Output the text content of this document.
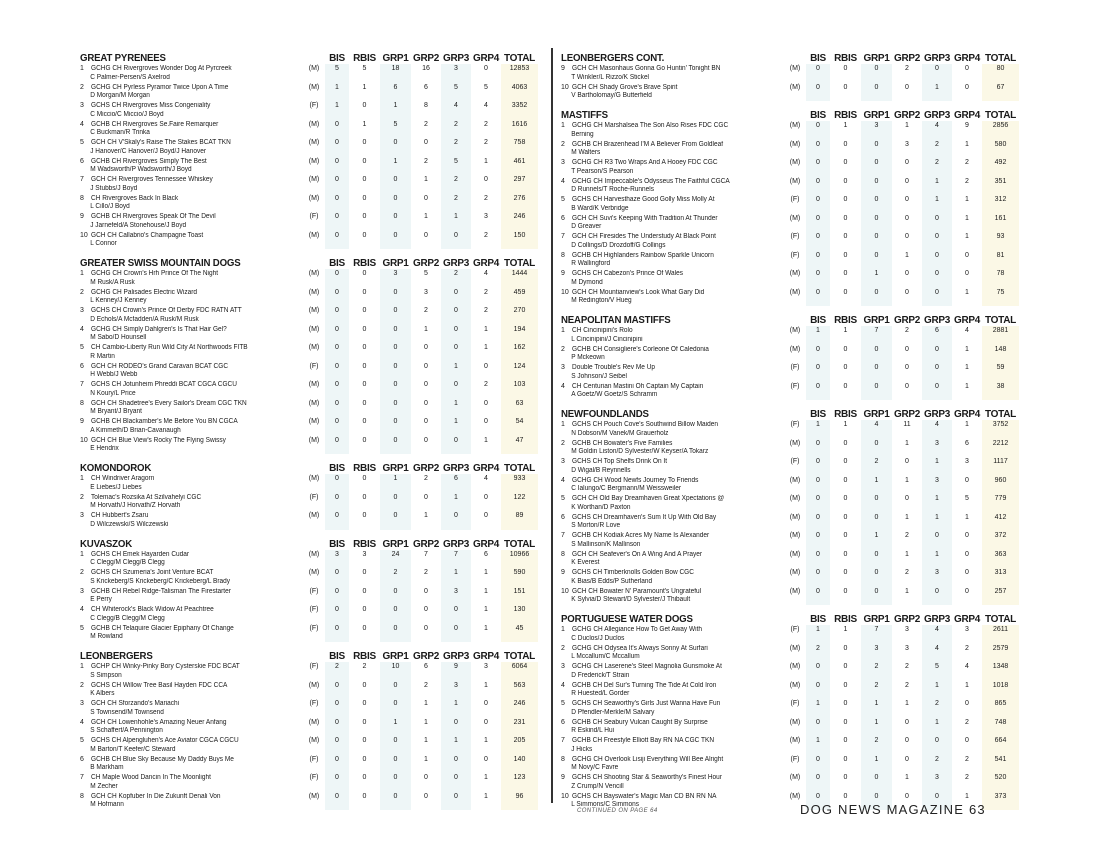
GREAT PYRENEES	BIS RBIS GRP1 GRP2 GRP3 GRP4 TOTAL
1	GCHG CH Rivergroves Wonder Dog At Pyrcreek	(M)	5	5	18	16	3	0	12853
C Palmer-Persen/S Axelrod
2	GCHG CH Pyrless Pyramor Twice Upon A Time	(M)	1	1	6	6	5	5	4063
D Morgan/M Morgan
3	GCHS CH Rivergroves Miss Congeniality	(F)	1	0	1	8	4	4	3352
C Miccio/C Miccio/J Boyd
4	GCHB CH Rivergroves Se.Faire Remarquer	(M)	0	1	5	2	2	2	1616
C Buckman/R Trinka
5	GCH CH V'Skaly's Raise The Stakes BCAT TKN	(M)	0	0	0	0	2	2	758
J Hanover/C Hanover/J Boyd/J Hanover
6	GCHB CH Rivergroves Simply The Best	(M)	0	0	1	2	5	1	461
M Wadsworth/P Wadsworth/J Boyd
7	GCH CH Rivergroves Tennessee Whiskey	(M)	0	0	0	1	2	0	297
J Stubbs/J Boyd
8	CH Rivergroves Back In Black	(M)	0	0	0	0	2	2	276
L Cillo/J Boyd
9	GCHB CH Rivergroves Speak Of The Devil	(F)	0	0	0	1	1	3	246
J Jarnefeld/A Stonehouse/J Boyd
10 GCH CH Callabrio's Champagne Toast	(M)	0	0	0	0	0	2	150
L Connor
GREATER SWISS MOUNTAIN DOGS	BIS RBIS GRP1 GRP2 GRP3 GRP4 TOTAL
1	GCHG CH Crown's Hrh Prince Of The Night	(M)	0	0	3	5	2	4	1444
M Rusk/A Rusk
2	GCHG CH Palisades Electric Wizard	(M)	0	0	0	3	0	2	459
L Kenney/J Kenney
3	GCHS CH Crown's Prince Of Derby FDC RATN ATT	(M)	0	0	0	2	0	2	270
D Echols/A Mcfadden/A Rusk/M Rusk
4	GCHG CH Simply Dahlgren's Is That Hair Gel?	(M)	0	0	0	1	0	1	194
M Sabo/D Hounsell
5	CH Cambio-Liberty Run Wild City At Northwoods FITB	(M)	0	0	0	0	0	1	162
R Martin
6	GCH CH RODEO's Grand Caravan BCAT CGC	(F)	0	0	0	0	1	0	124
H Webb/J Webb
7	GCHS CH Jotunheim Phreddi BCAT CGCA CGCU	(M)	0	0	0	0	0	2	103
N Koury/L Price
8	GCH CH Shadetree's Every Sailor's Dream CGC TKN	(M)	0	0	0	0	1	0	63
M Bryant/J Bryant
9	GCHB CH Blackamber's Me Before You BN CGCA	(M)	0	0	0	0	1	0	54
A Kimmeth/D Brian-Cavanaugh
10 GCH CH Blue View's Rocky The Flying Swissy	(M)	0	0	0	0	0	1	47
E Hendrix
KOMONDOROK	BIS RBIS GRP1 GRP2 GRP3 GRP4 TOTAL
1	CH Windriver Aragorn	(M)	0	0	1	2	6	4	933
E Liebes/J Liebes
2	Tolemac's Rozsika At Szilvahelyi CGC	(F)	0	0	0	0	1	0	122
M Horvath/J Horvath/Z Horvath
3	CH Hubbert's Zsaru	(M)	0	0	0	1	0	0	89
D Wilczewski/S Wilczewski
KUVASZOK	BIS RBIS GRP1 GRP2 GRP3 GRP4 TOTAL
1	GCHS CH Emek Hayarden Cudar	(M)	3	3	24	7	7	6	10966
C Clegg/M Clegg/B Clegg
2	GCHS CH Szumeria's Joint Venture BCAT	(M)	0	0	2	2	1	1	590
S Krickeberg/S Krickeberg/C Krickeberg/L Brady
3	GCHB CH Rebel Ridge-Talisman The Firestarter	(F)	0	0	0	0	3	1	151
E Perry
4	CH Whiterock's Black Widow At Peachtree	(F)	0	0	0	0	0	1	130
C Clegg/B Clegg/M Clegg
5	GCHB CH Telaquire Glacier Epiphany Of Change	(F)	0	0	0	0	0	1	45
M Rowland
LEONBERGERS	BIS RBIS GRP1 GRP2 GRP3 GRP4 TOTAL
1	GCHP CH Winky-Pinky Bory Cysterskie FDC BCAT	(F)	2	2	10	6	9	3	6064
S Simpson
2	GCHS CH Willow Tree Basil Hayden FDC CCA	(M)	0	0	0	2	3	1	563
K Albers
3	GCH CH Sforzando's Mariachi	(F)	0	0	0	1	1	0	246
S Townsend/M Townsend
4	GCH CH Lowenhohle's Amazing Neuer Anfang	(M)	0	0	1	1	0	0	231
S Schaffert/A Pennington
5	GCHS CH Alpengluhen's Ace Aviator CGCA CGCU	(M)	0	0	0	1	1	1	205
M Barton/T Keefer/C Steward
6	GCHB CH Blue Sky Because My Daddy Buys Me	(F)	0	0	0	1	0	0	140
B Markham
7	CH Maple Wood Dancin In The Moonlight	(F)	0	0	0	0	0	1	123
M Zecher
8	GCH CH Kopfuber In Die Zukunft Denali Von	(M)	0	0	0	0	0	1	96
M Hofmann
LEONBERGERS CONT.	BIS RBIS GRP1 GRP2 GRP3 GRP4 TOTAL
9	GCH CH Masonhaus Gonna Go Huntin' Tonight BN	(M)	0	0	0	2	0	0	80
T Winkler/L Rizzo/K Stickel
10 GCH CH Shady Grove's Brave Spirit	(M)	0	0	0	0	1	0	67
V Bartholomay/G Butterfield
MASTIFFS	BIS RBIS GRP1 GRP2 GRP3 GRP4 TOTAL
1	GCHG CH Marshalsea The Son Also Rises FDC CGC	(M)	0	1	3	1	4	9	2856
Berning
2	GCHB CH Brazenhead I'M A Believer From Goldleaf	(M)	0	0	0	3	2	1	580
M Walters
3	GCHG CH R3 Two Wraps And A Hooey FDC CGC	(M)	0	0	0	0	2	2	492
T Pearson/S Pearson
4	GCHG CH Impeccable's Odysseus The Faithful CGCA	(M)	0	0	0	0	1	2	351
D Runnels/T Roche-Runnels
5	GCHS CH Harvesthaze Good Golly Miss Molly At	(F)	0	0	0	0	1	1	312
B Ward/K Verbridge
6	GCH CH Suvi's Keeping With Tradition At Thunder	(M)	0	0	0	0	0	1	161
D Greaver
7	GCH CH Firesides The Understudy At Black Point	(F)	0	0	0	0	0	1	93
D Collings/D Drozdoff/G Collings
8	GCHB CH Highlanders Rainbow Sparkle Unicorn	(F)	0	0	0	1	0	0	81
R Wallingford
9	GCHS CH Cabezon's Prince Of Wales	(M)	0	0	1	0	0	0	78
M Dymond
10 GCH CH Mountianview's Look What Gary Did	(M)	0	0	0	0	0	1	75
M Redington/V Hueg
NEAPOLITAN MASTIFFS	BIS RBIS GRP1 GRP2 GRP3 GRP4 TOTAL
1	CH Cincinipini's Rolo	(M)	1	1	7	2	6	4	2881
L Cincinipini/J Cincinipini
2	GCHB CH Consigliere's Corleone Of Caledonia	(M)	0	0	0	0	0	1	148
P Mckeown
3	Double Trouble's Rev Me Up	(F)	0	0	0	0	0	1	59
S Johnson/J Seibel
4	CH Centurian Mastini Oh Captain My Captain	(F)	0	0	0	0	0	1	38
A Goetz/W Goetz/S Schramm
NEWFOUNDLANDS	BIS RBIS GRP1 GRP2 GRP3 GRP4 TOTAL
1	GCHS CH Pouch Cove's Southwind Billow Maiden	(F)	1	1	4	11	4	1	3752
N Dobson/M Vanek/M Grauerholz
2	GCHB CH Bowater's Five Families	(M)	0	0	0	1	3	6	2212
M Goldin Liston/D Sylvester/W Keyser/A Tokarz
3	GCHS CH Top Shelfs Drink On It	(F)	0	0	2	0	1	3	1117
D Wigal/B Reynnells
4	GCHG CH Wood Newfs Journey To Friends	(M)	0	0	1	1	3	0	960
C Ialungo/C Bergmann/M Weissweiler
5	GCH CH Old Bay Dreamhaven Great Xpectations @	(M)	0	0	0	0	1	5	779
K Worthan/D Paxton
6	GCHS CH Dreamhaven's Sum It Up With Old Bay	(M)	0	0	0	1	1	1	412
S Morton/R Love
7	GCHB CH Kodiak Acres My Name Is Alexander	(M)	0	0	1	2	0	0	372
S Mallinson/K Mallinson
8	GCH CH Seafever's On A Wing And A Prayer	(M)	0	0	0	1	1	0	363
K Everest
9	GCHS CH Timberknolls Golden Bow CGC	(M)	0	0	0	2	3	0	313
K Bias/B Edds/P Sutherland
10 GCH CH Bowater N' Paramount's Ungrateful	(M)	0	0	0	1	0	0	257
K Sylvia/D Stewart/D Sylvester/J Thibault
PORTUGUESE WATER DOGS	BIS RBIS GRP1 GRP2 GRP3 GRP4 TOTAL
1	GCHG CH Allegiance How To Get Away With	(F)	1	1	7	3	4	3	2611
C Duclos/J Duclos
2	GCHG CH Odysea It's Always Sonny At Surfari	(M)	2	0	3	3	4	2	2579
L Mccallum/C Mccallum
3	GCHG CH Laserene's Steel Magnolia Gunsmoke At	(M)	0	0	2	2	5	4	1348
D Frederick/T Strain
4	GCHB CH Del Sur's Turning The Tide At Cold Iron	(M)	0	0	2	2	1	1	1018
R Huested/L Gorder
5	GCHS CH Seaworthy's Girls Just Wanna Have Fun	(F)	1	0	1	1	2	0	865
D Pfendler-Merkle/M Salvary
6	GCHB CH Seabury Vulcan Caught By Surprise	(M)	0	0	1	0	1	2	748
R Eskind/L Hui
7	GCHB CH Freestyle Elliott Bay RN NA CGC TKN	(M)	1	0	2	0	0	0	664
J Hicks
8	GCHG CH Overlook Lisiji Everything Will Bee Alright	(F)	0	0	1	0	2	2	541
M Novy/C Favre
9	GCHS CH Shooting Star & Seaworthy's Finest Hour	(M)	0	0	0	1	3	2	520
Z Crump/N Vencill
10 GCHS CH Bayswater's Magic Man CD BN RN NA	(M)	0	0	0	0	0	1	373
L Simmons/C Simmons
CONTINUED ON PAGE 64	DOG NEWS MAGAZINE 63
